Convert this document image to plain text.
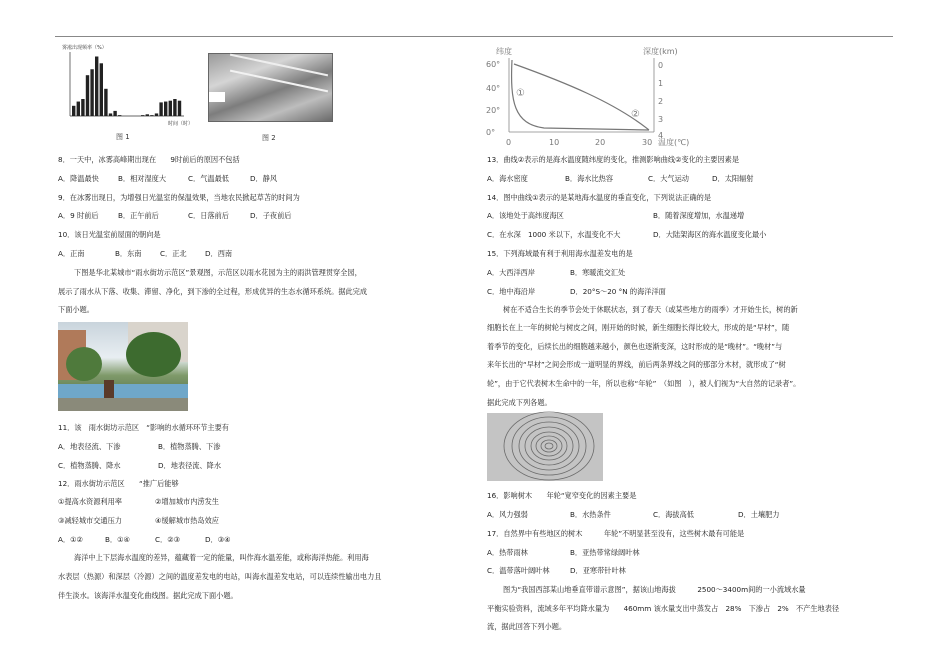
雾凇出现频率（%）
时间（时）
图 1	图 2
8．一天中，冰雾高峰期出现在　　9时前后的原因不包括
A．降温最快	B．相对湿度大	C．气温最低	D．静风
9．在冰雾出现日，为增强日光温室的保温效果，当地农民掀起草苫的时间为
A．9 时前后	B．正午前后	C．日落前后	D．子夜前后
10．该日光温室前屋面的朝向是
A．正南	B．东南	C．正北	D．西南
下图是华北某城市“雨水街坊示范区”景观图，示范区以雨水花园为主的雨洪管理贯穿全园，
展示了雨水从下落、收集、滞留、净化，到下渗的全过程，形成优异的生态水循环系统。据此完成
下面小题。
11．该　雨水街坊示范区　“影响的水循环环节主要有
A．地表径流、下渗	B．植物蒸腾、下渗
C．植物蒸腾、降水	D．地表径流、降水
12．雨水街坊示范区　　“推广后能够
①提高水资源利用率	②增加城市内涝发生
③减轻城市交通压力	④缓解城市热岛效应
A．①②	B．①④	C．②③	D．③④
海洋中上下层海水温度的差异，蕴藏着一定的能量，叫作海水温差能，或称海洋热能。利用海
水表层（热源）和深层（冷源）之间的温度差发电的电站，叫海水温差发电站，可以连续性输出电力且
伴生淡水。该海洋水温变化曲线图。据此完成下面小题。
纬度	深度(km)
60°
40°
20°
0°
0
1
2
3
4
0	10	20	30 温度(℃)
①
②
13．曲线②表示的是海水温度随纬度的变化，推测影响曲线②变化的主要因素是
A．海水密度	B．海水比热容	C．大气运动	D．太阳辐射
14．图中曲线①表示的是某地海水温度的垂直变化，下列说法正确的是
A．该地处于高纬度海区	B．随着深度增加，水温递增
C．在水深　1000 米以下，水温变化不大	D．大陆架海区的海水温度变化最小
15．下列海域最有利于利用海水温差发电的是
A．大西洋西岸	B．寒暖流交汇处
C．地中海沿岸	D．20°S～20 °N 的海洋洋面
树在不适合生长的季节会处于休眠状态，到了春天（或某些地方的雨季）才开始生长，树的新
细胞长在上一年的树轮与树皮之间，刚开始的时候，新生细胞长得比较大，形成的是“早材”，随
着季节的变化，后续长出的细胞越来越小，颜色也逐渐变深，这时形成的是“晚材”。“晚材”与
来年长出的“早材”之间会形成一道明显的界线，前后两条界线之间的那部分木材，就形成了“树
轮”，由于它代表树木生命中的一年，所以也称“年轮”　（如图　），被人们视为“大自然的记录者”。
据此完成下列各题。
16．影响树木　　年轮“宽窄变化的因素主要是
A．风力强弱	B．水热条件	C．海拔高低	D．土壤肥力
17．自然界中有些地区的树木　　　年轮”不明显甚至没有，这些树木最有可能是
A．热带雨林	B．亚热带常绿阔叶林
C．温带落叶阔叶林	D．亚寒带针叶林
图为“我国西部某山地垂直带谱示意图”，据该山地海拔　　　2500～3400m间的一小流域水量
平衡实验资料，流域多年平均降水量为　　460mm 该水量支出中蒸发占　28%　下渗占　2%　不产生地表径
流，据此回答下列小题。
